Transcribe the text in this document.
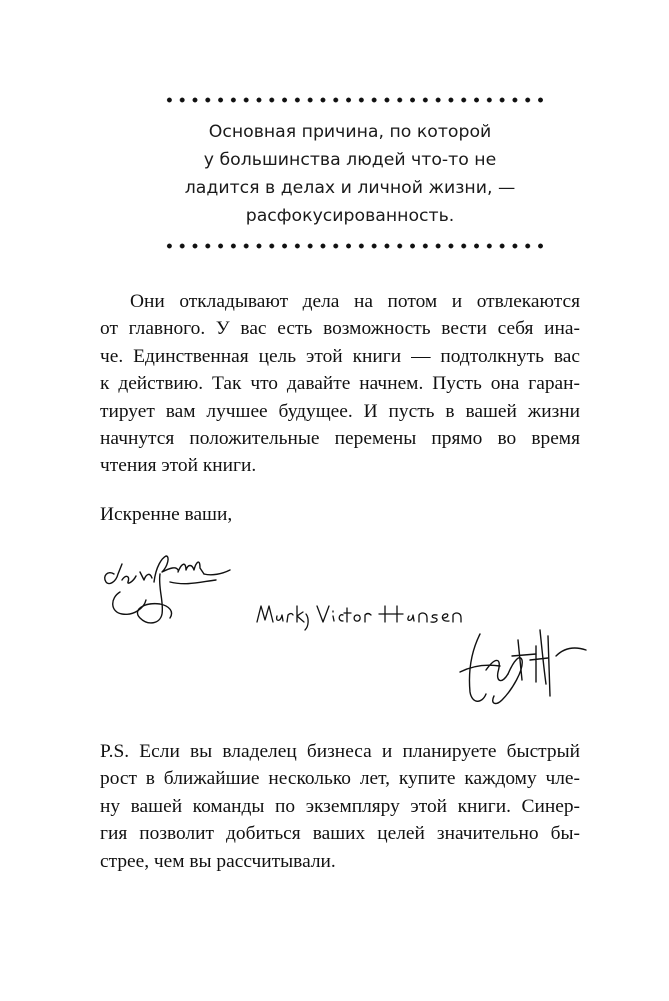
Основная причина, по которой
у большинства людей что-то не
ладится в делах и личной жизни, —
расфокусированность.
Они откладывают дела на потом и отвлекаются
от главного. У вас есть возможность вести себя ина-
че. Единственная цель этой книги — подтолкнуть вас
к действию. Так что давайте начнем. Пусть она гаран-
тирует вам лучшее будущее. И пусть в вашей жизни
начнутся положительные перемены прямо во время
чтения этой книги.
Искренне ваши,
P.S. Если вы владелец бизнеса и планируете быстрый
рост в ближайшие несколько лет, купите каждому чле-
ну вашей команды по экземпляру этой книги. Синер-
гия позволит добиться ваших целей значительно бы-
стрее, чем вы рассчитывали.
